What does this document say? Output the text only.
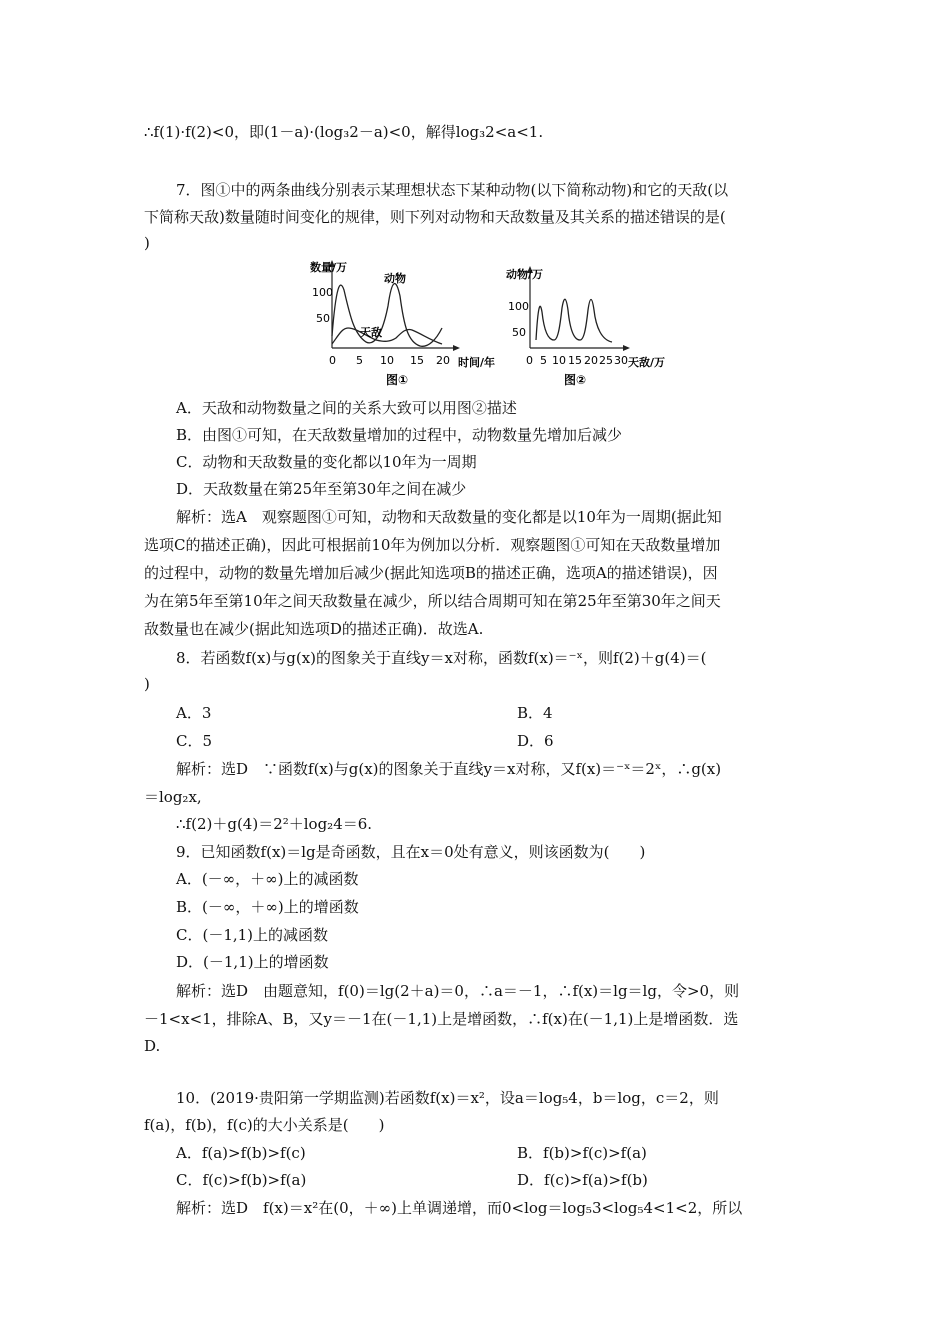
∴f(1)·f(2)<0，即(1－a)·(log₃2－a)<0，解得log₃2<a<1.
7．图①中的两条曲线分别表示某理想状态下某种动物(以下简称动物)和它的天敌(以
下简称天敌)数量随时间变化的规律，则下列对动物和天敌数量及其关系的描述错误的是(
)
数量/万
时间/年
100
50
0 5 10 15 20
动物
天敌
图①
动物/万
天敌/万
100
50
0 5 10 15 20 25 30
图②
A．天敌和动物数量之间的关系大致可以用图②描述
B．由图①可知，在天敌数量增加的过程中，动物数量先增加后减少
C．动物和天敌数量的变化都以10年为一周期
D．天敌数量在第25年至第30年之间在减少
解析：选A　观察题图①可知，动物和天敌数量的变化都是以10年为一周期(据此知
选项C的描述正确)，因此可根据前10年为例加以分析．观察题图①可知在天敌数量增加
的过程中，动物的数量先增加后减少(据此知选项B的描述正确，选项A的描述错误)，因
为在第5年至第10年之间天敌数量在减少，所以结合周期可知在第25年至第30年之间天
敌数量也在减少(据此知选项D的描述正确)．故选A.
8．若函数f(x)与g(x)的图象关于直线y＝x对称，函数f(x)＝⁻ˣ，则f(2)＋g(4)＝(
)
A．3	B．4
C．5	D．6
解析：选D　∵函数f(x)与g(x)的图象关于直线y＝x对称，又f(x)＝⁻ˣ＝2ˣ，∴g(x)
＝log₂x,
∴f(2)＋g(4)＝2²＋log₂4＝6.
9．已知函数f(x)＝lg是奇函数，且在x＝0处有意义，则该函数为(　　)
A．(－∞，＋∞)上的减函数
B．(－∞，＋∞)上的增函数
C．(－1,1)上的减函数
D．(－1,1)上的增函数
解析：选D　由题意知，f(0)＝lg(2＋a)＝0，∴a＝－1，∴f(x)＝lg＝lg，令>0，则
－1<x<1，排除A、B，又y＝－1在(－1,1)上是增函数，∴f(x)在(－1,1)上是增函数．选
D.
10．(2019·贵阳第一学期监测)若函数f(x)＝x²，设a＝log₅4，b＝log，c＝2，则
f(a)，f(b)，f(c)的大小关系是(　　)
A．f(a)>f(b)>f(c)	B．f(b)>f(c)>f(a)
C．f(c)>f(b)>f(a)	D．f(c)>f(a)>f(b)
解析：选D　f(x)＝x²在(0，＋∞)上单调递增，而0<log＝log₅3<log₅4<1<2，所以
